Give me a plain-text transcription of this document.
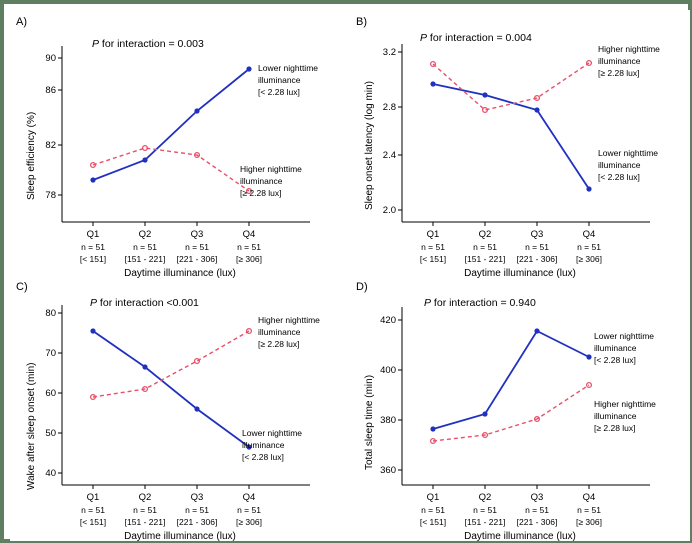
A)
P for interaction = 0.003
Sleep efficiency (%)
90
86
82
78
Lower nighttime
illuminance
[< 2.28 lux]
Higher nighttime
illuminance
[≥ 2.28 lux]
Q1
n = 51
[< 151]
Q2
n = 51
[151 - 221]
Q3
n = 51
[221 - 306]
Q4
n = 51
[≥ 306]
Daytime illuminance (lux)
B)
P for interaction = 0.004
Sleep onset latency (log min)
3.2
2.8
2.4
2.0
Higher nighttime
illuminance
[≥ 2.28 lux]
Lower nighttime
illuminance
[< 2.28 lux]
Q1
n = 51
[< 151]
Q2
n = 51
[151 - 221]
Q3
n = 51
[221 - 306]
Q4
n = 51
[≥ 306]
Daytime illuminance (lux)
C)
P for interaction <0.001
Wake after sleep onset (min)
80
70
60
50
40
Higher nighttime
illuminance
[≥ 2.28 lux]
Lower nighttime
illuminance
[< 2.28 lux]
Q1
n = 51
[< 151]
Q2
n = 51
[151 - 221]
Q3
n = 51
[221 - 306]
Q4
n = 51
[≥ 306]
Daytime illuminance (lux)
D)
P for interaction = 0.940
Total sleep time (min)
420
400
380
360
Lower nighttime
illuminance
[< 2.28 lux]
Higher nighttime
illuminance
[≥ 2.28 lux]
Q1
n = 51
[< 151]
Q2
n = 51
[151 - 221]
Q3
n = 51
[221 - 306]
Q4
n = 51
[≥ 306]
Daytime illuminance (lux)
